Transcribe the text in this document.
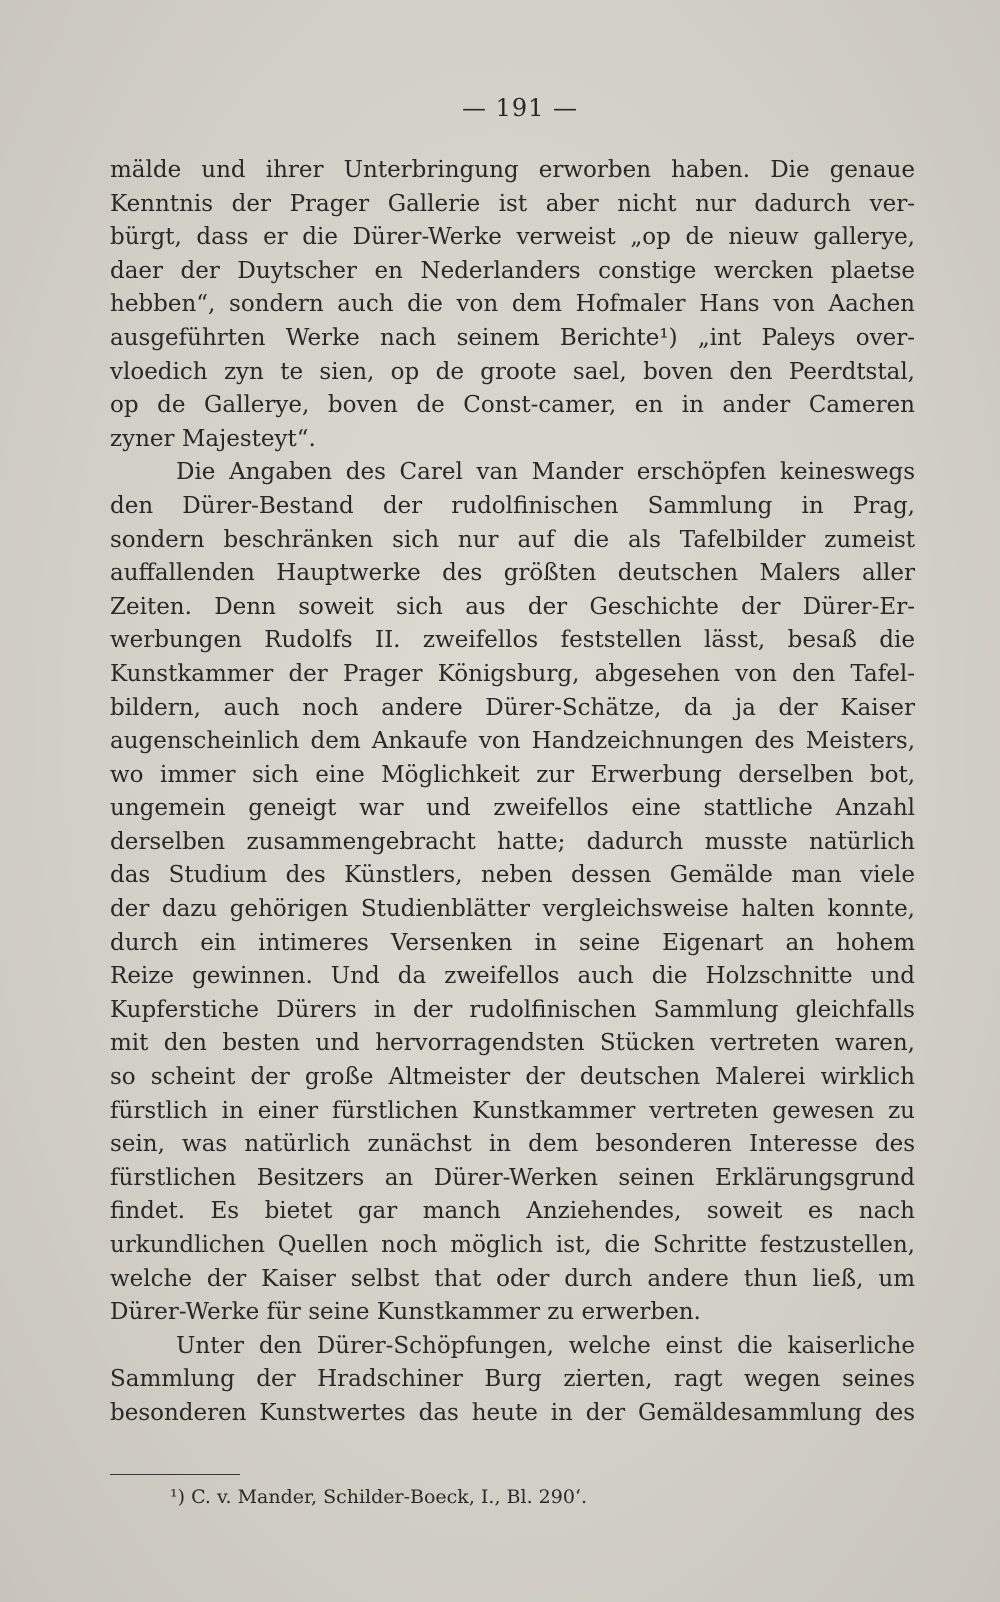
— 191 —
mälde und ihrer Unterbringung erworben haben. Die genaue
Kenntnis der Prager Gallerie ist aber nicht nur dadurch ver-
bürgt, dass er die Dürer-Werke verweist „op de nieuw gallerye,
daer der Duytscher en Nederlanders constige wercken plaetse
hebben“, sondern auch die von dem Hofmaler Hans von Aachen
ausgeführten Werke nach seinem Berichte¹) „int Paleys over-
vloedich zyn te sien, op de groote sael, boven den Peerdtstal,
op de Gallerye, boven de Const-camer, en in ander Cameren
zyner Majesteyt“.
Die Angaben des Carel van Mander erschöpfen keineswegs
den Dürer-Bestand der rudolfinischen Sammlung in Prag,
sondern beschränken sich nur auf die als Tafelbilder zumeist
auffallenden Hauptwerke des größten deutschen Malers aller
Zeiten. Denn soweit sich aus der Geschichte der Dürer-Er-
werbungen Rudolfs II. zweifellos feststellen lässt, besaß die
Kunstkammer der Prager Königsburg, abgesehen von den Tafel-
bildern, auch noch andere Dürer-Schätze, da ja der Kaiser
augenscheinlich dem Ankaufe von Handzeichnungen des Meisters,
wo immer sich eine Möglichkeit zur Erwerbung derselben bot,
ungemein geneigt war und zweifellos eine stattliche Anzahl
derselben zusammengebracht hatte; dadurch musste natürlich
das Studium des Künstlers, neben dessen Gemälde man viele
der dazu gehörigen Studienblätter vergleichsweise halten konnte,
durch ein intimeres Versenken in seine Eigenart an hohem
Reize gewinnen. Und da zweifellos auch die Holzschnitte und
Kupferstiche Dürers in der rudolfinischen Sammlung gleichfalls
mit den besten und hervorragendsten Stücken vertreten waren,
so scheint der große Altmeister der deutschen Malerei wirklich
fürstlich in einer fürstlichen Kunstkammer vertreten gewesen zu
sein, was natürlich zunächst in dem besonderen Interesse des
fürstlichen Besitzers an Dürer-Werken seinen Erklärungsgrund
findet. Es bietet gar manch Anziehendes, soweit es nach
urkundlichen Quellen noch möglich ist, die Schritte festzustellen,
welche der Kaiser selbst that oder durch andere thun ließ, um
Dürer-Werke für seine Kunstkammer zu erwerben.
Unter den Dürer-Schöpfungen, welche einst die kaiserliche
Sammlung der Hradschiner Burg zierten, ragt wegen seines
besonderen Kunstwertes das heute in der Gemäldesammlung des
¹) C. v. Mander, Schilder-Boeck, I., Bl. 290ʻ.
